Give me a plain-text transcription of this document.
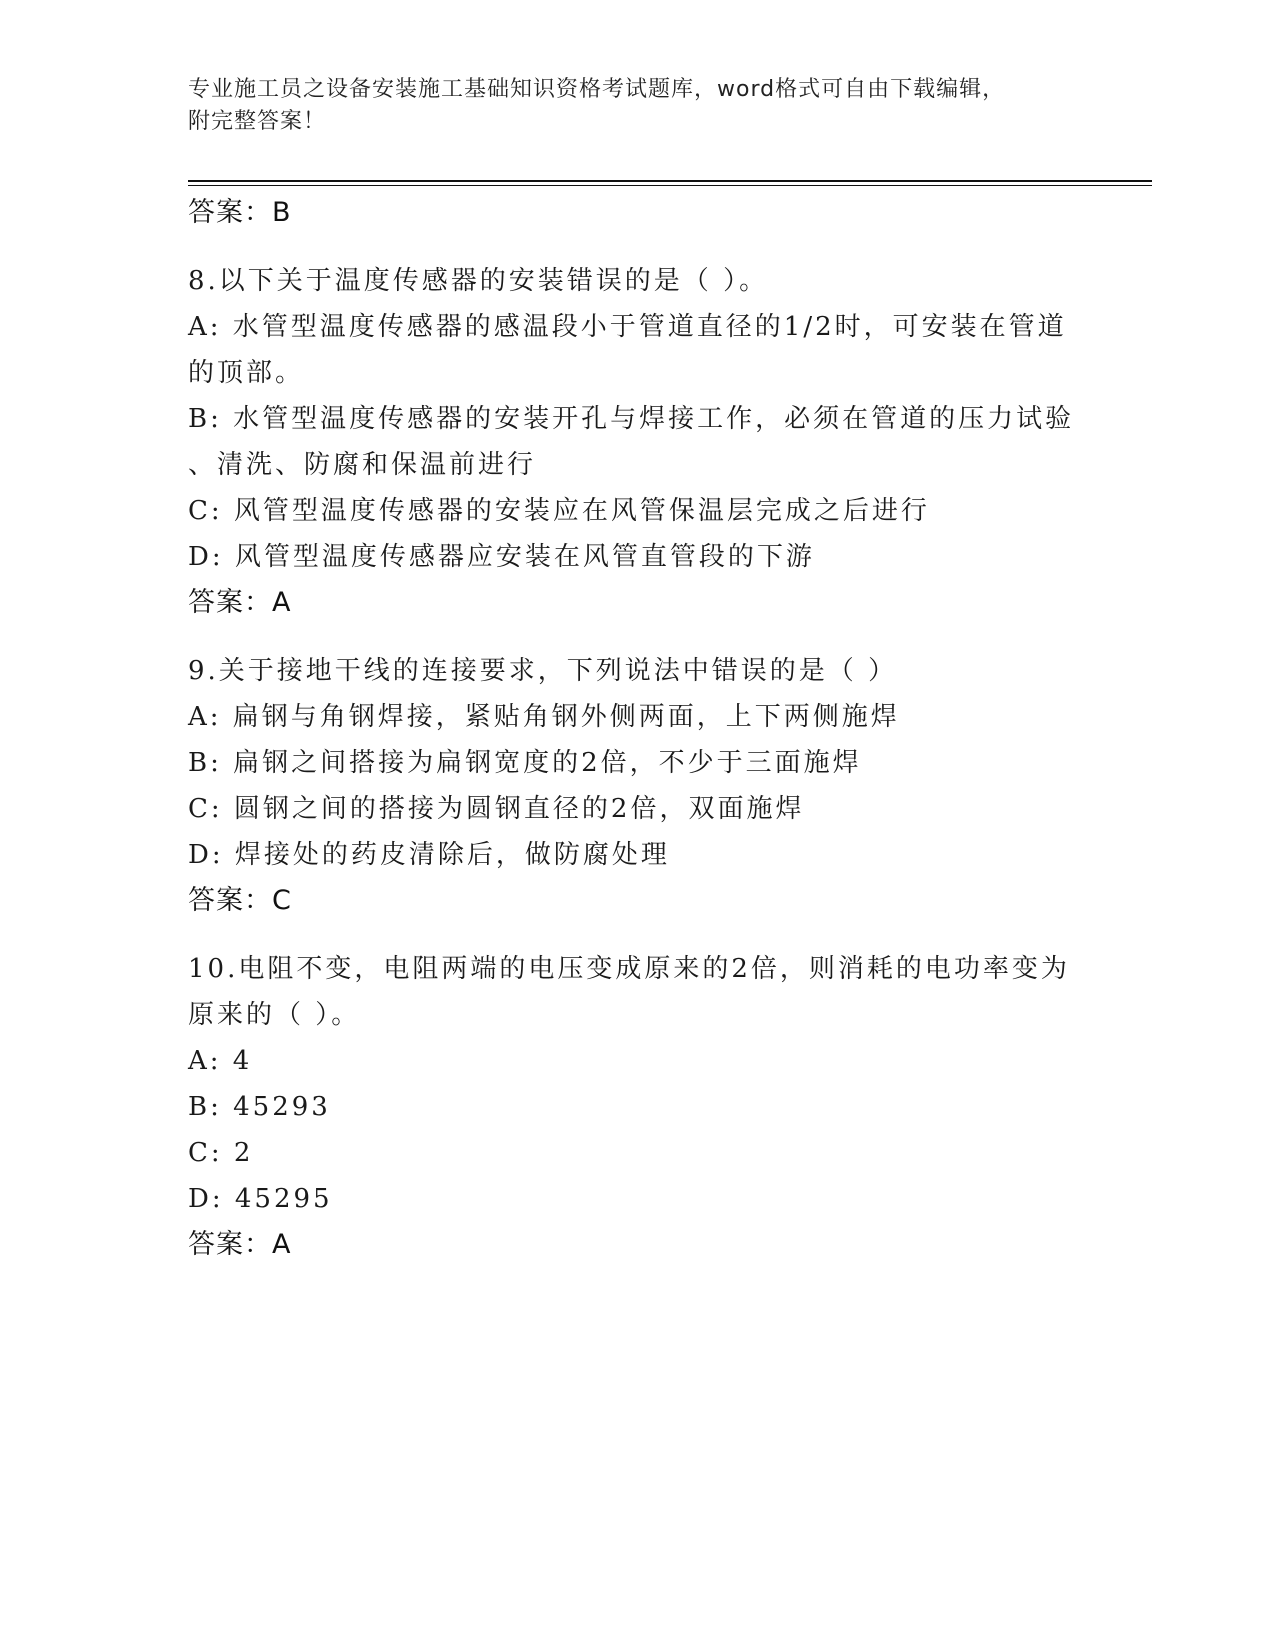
专业施工员之设备安装施工基础知识资格考试题库，word格式可自由下载编辑，
附完整答案！
答案：B
8.以下关于温度传感器的安装错误的是（ ）。
A: 水管型温度传感器的感温段小于管道直径的1/2时，可安装在管道
的顶部。
B: 水管型温度传感器的安装开孔与焊接工作，必须在管道的压力试验
、清洗、防腐和保温前进行
C: 风管型温度传感器的安装应在风管保温层完成之后进行
D: 风管型温度传感器应安装在风管直管段的下游
答案：A
9.关于接地干线的连接要求，下列说法中错误的是（ ）
A: 扁钢与角钢焊接，紧贴角钢外侧两面，上下两侧施焊
B: 扁钢之间搭接为扁钢宽度的2倍，不少于三面施焊
C: 圆钢之间的搭接为圆钢直径的2倍，双面施焊
D: 焊接处的药皮清除后，做防腐处理
答案：C
10.电阻不变，电阻两端的电压变成原来的2倍，则消耗的电功率变为
原来的（ ）。
A: 4
B: 45293
C: 2
D: 45295
答案：A
